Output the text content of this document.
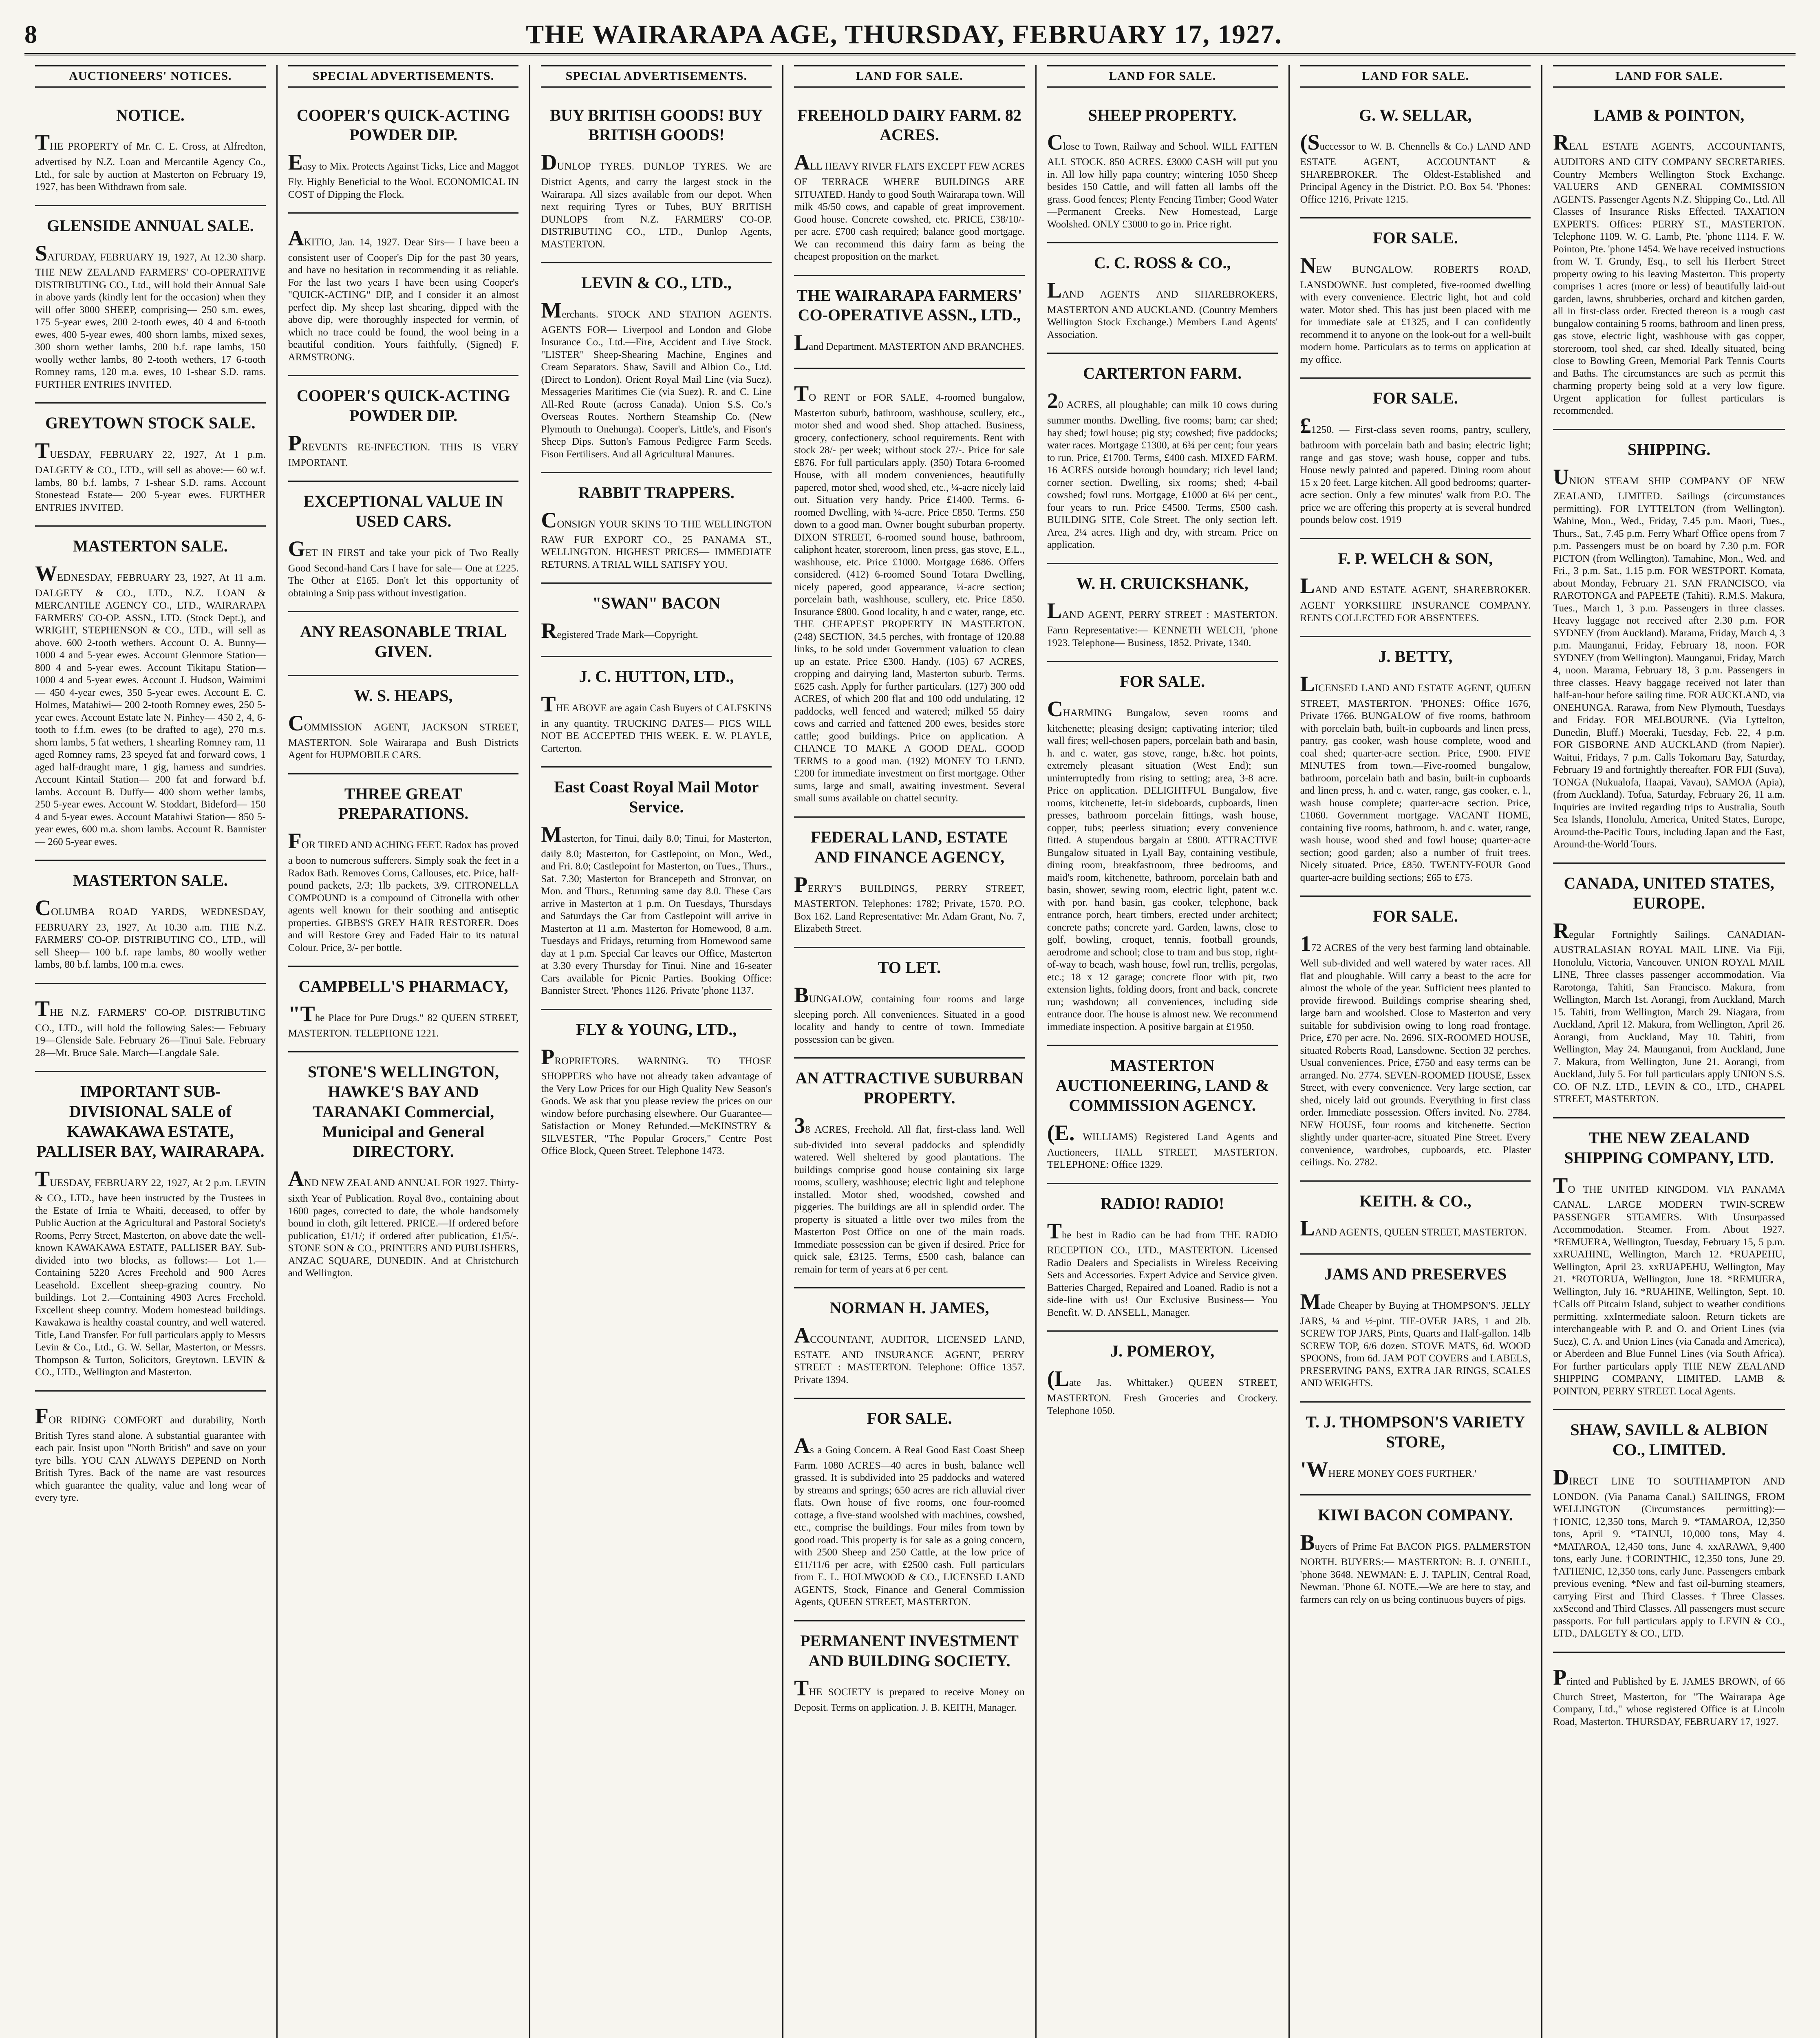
8	THE WAIRARAPA AGE, THURSDAY, FEBRUARY 17, 1927.
AUCTIONEERS' NOTICES.
NOTICE.
THE PROPERTY of Mr. C. E. Cross, at Alfredton, advertised by N.Z. Loan and Mercantile Agency Co., Ltd., for sale by auction at Masterton on February 19, 1927, has been Withdrawn from sale.
GLENSIDE ANNUAL SALE.
SATURDAY, FEBRUARY 19, 1927, At 12.30 sharp. THE NEW ZEALAND FARMERS' CO-OPERATIVE DISTRIBUTING CO., Ltd., will hold their Annual Sale in above yards (kindly lent for the occasion) when they will offer 3000 SHEEP, comprising— 250 s.m. ewes, 175 5-year ewes, 200 2-tooth ewes, 40 4 and 6-tooth ewes, 400 5-year ewes, 400 shorn lambs, mixed sexes, 300 shorn wether lambs, 200 b.f. rape lambs, 150 woolly wether lambs, 80 2-tooth wethers, 17 6-tooth Romney rams, 120 m.a. ewes, 10 1-shear S.D. rams. FURTHER ENTRIES INVITED.
GREYTOWN STOCK SALE.
TUESDAY, FEBRUARY 22, 1927, At 1 p.m. DALGETY & CO., LTD., will sell as above:— 60 w.f. lambs, 80 b.f. lambs, 7 1-shear S.D. rams. Account Stonestead Estate— 200 5-year ewes. FURTHER ENTRIES INVITED.
MASTERTON SALE.
WEDNESDAY, FEBRUARY 23, 1927, At 11 a.m. DALGETY & CO., LTD., N.Z. LOAN & MERCANTILE AGENCY CO., LTD., WAIRARAPA FARMERS' CO-OP. ASSN., LTD. (Stock Dept.), and WRIGHT, STEPHENSON & CO., LTD., will sell as above. 600 2-tooth wethers. Account O. A. Bunny— 1000 4 and 5-year ewes. Account Glenmore Station— 800 4 and 5-year ewes. Account Tikitapu Station— 1000 4 and 5-year ewes. Account J. Hudson, Waimimi— 450 4-year ewes, 350 5-year ewes. Account E. C. Holmes, Matahiwi— 200 2-tooth Romney ewes, 250 5-year ewes. Account Estate late N. Pinhey— 450 2, 4, 6-tooth to f.f.m. ewes (to be drafted to age), 270 m.s. shorn lambs, 5 fat wethers, 1 shearling Romney ram, 11 aged Romney rams, 23 speyed fat and forward cows, 1 aged half-draught mare, 1 gig, harness and sundries. Account Kintail Station— 200 fat and forward b.f. lambs. Account B. Duffy— 400 shorn wether lambs, 250 5-year ewes. Account W. Stoddart, Bideford— 150 4 and 5-year ewes. Account Matahiwi Station— 850 5-year ewes, 600 m.a. shorn lambs. Account R. Bannister— 260 5-year ewes.
MASTERTON SALE.
COLUMBA ROAD YARDS, WEDNESDAY, FEBRUARY 23, 1927, At 10.30 a.m. THE N.Z. FARMERS' CO-OP. DISTRIBUTING CO., LTD., will sell Sheep— 100 b.f. rape lambs, 80 woolly wether lambs, 80 b.f. lambs, 100 m.a. ewes.
THE N.Z. FARMERS' CO-OP. DISTRIBUTING CO., LTD., will hold the following Sales:— February 19—Glenside Sale. February 26—Tinui Sale. February 28—Mt. Bruce Sale. March—Langdale Sale.
IMPORTANT SUB-DIVISIONAL SALE of KAWAKAWA ESTATE, PALLISER BAY, WAIRARAPA.
TUESDAY, FEBRUARY 22, 1927, At 2 p.m. LEVIN & CO., LTD., have been instructed by the Trustees in the Estate of Irnia te Whaiti, deceased, to offer by Public Auction at the Agricultural and Pastoral Society's Rooms, Perry Street, Masterton, on above date the well-known KAWAKAWA ESTATE, PALLISER BAY. Sub-divided into two blocks, as follows:— Lot 1.—Containing 5220 Acres Freehold and 900 Acres Leasehold. Excellent sheep-grazing country. No buildings. Lot 2.—Containing 4903 Acres Freehold. Excellent sheep country. Modern homestead buildings. Kawakawa is healthy coastal country, and well watered. Title, Land Transfer. For full particulars apply to Messrs Levin & Co., Ltd., G. W. Sellar, Masterton, or Messrs. Thompson & Turton, Solicitors, Greytown. LEVIN & CO., LTD., Wellington and Masterton.
FOR RIDING COMFORT and durability, North British Tyres stand alone. A substantial guarantee with each pair. Insist upon "North British" and save on your tyre bills. YOU CAN ALWAYS DEPEND on North British Tyres. Back of the name are vast resources which guarantee the quality, value and long wear of every tyre.
SPECIAL ADVERTISEMENTS.
COOPER'S QUICK-ACTING POWDER DIP.
Easy to Mix. Protects Against Ticks, Lice and Maggot Fly. Highly Beneficial to the Wool. ECONOMICAL IN COST of Dipping the Flock.
AKITIO, Jan. 14, 1927. Dear Sirs— I have been a consistent user of Cooper's Dip for the past 30 years, and have no hesitation in recommending it as reliable. For the last two years I have been using Cooper's "QUICK-ACTING" DIP, and I consider it an almost perfect dip. My sheep last shearing, dipped with the above dip, were thoroughly inspected for vermin, of which no trace could be found, the wool being in a beautiful condition. Yours faithfully, (Signed) F. ARMSTRONG.
COOPER'S QUICK-ACTING POWDER DIP.
PREVENTS RE-INFECTION. THIS IS VERY IMPORTANT.
EXCEPTIONAL VALUE IN USED CARS.
GET IN FIRST and take your pick of Two Really Good Second-hand Cars I have for sale— One at £225. The Other at £165. Don't let this opportunity of obtaining a Snip pass without investigation.
ANY REASONABLE TRIAL GIVEN.
W. S. HEAPS,
COMMISSION AGENT, JACKSON STREET, MASTERTON. Sole Wairarapa and Bush Districts Agent for HUPMOBILE CARS.
THREE GREAT PREPARATIONS.
FOR TIRED AND ACHING FEET. Radox has proved a boon to numerous sufferers. Simply soak the feet in a Radox Bath. Removes Corns, Callouses, etc. Price, half-pound packets, 2/3; 1lb packets, 3/9. CITRONELLA COMPOUND is a compound of Citronella with other agents well known for their soothing and antiseptic properties. GIBBS'S GREY HAIR RESTORER. Does and will Restore Grey and Faded Hair to its natural Colour. Price, 3/- per bottle.
CAMPBELL'S PHARMACY,
"The Place for Pure Drugs." 82 QUEEN STREET, MASTERTON. TELEPHONE 1221.
STONE'S WELLINGTON, HAWKE'S BAY AND TARANAKI Commercial, Municipal and General DIRECTORY.
AND NEW ZEALAND ANNUAL FOR 1927. Thirty-sixth Year of Publication. Royal 8vo., containing about 1600 pages, corrected to date, the whole handsomely bound in cloth, gilt lettered. PRICE.—If ordered before publication, £1/1/; if ordered after publication, £1/5/-. STONE SON & CO., PRINTERS AND PUBLISHERS, ANZAC SQUARE, DUNEDIN. And at Christchurch and Wellington.
SPECIAL ADVERTISEMENTS.
BUY BRITISH GOODS! BUY BRITISH GOODS!
DUNLOP TYRES. DUNLOP TYRES. We are District Agents, and carry the largest stock in the Wairarapa. All sizes available from our depot. When next requiring Tyres or Tubes, BUY BRITISH DUNLOPS from N.Z. FARMERS' CO-OP. DISTRIBUTING CO., LTD., Dunlop Agents, MASTERTON.
LEVIN & CO., LTD.,
Merchants. STOCK AND STATION AGENTS. AGENTS FOR— Liverpool and London and Globe Insurance Co., Ltd.—Fire, Accident and Live Stock. "LISTER" Sheep-Shearing Machine, Engines and Cream Separators. Shaw, Savill and Albion Co., Ltd. (Direct to London). Orient Royal Mail Line (via Suez). Messageries Maritimes Cie (via Suez). R. and C. Line All-Red Route (across Canada). Union S.S. Co.'s Overseas Routes. Northern Steamship Co. (New Plymouth to Onehunga). Cooper's, Little's, and Fison's Sheep Dips. Sutton's Famous Pedigree Farm Seeds. Fison Fertilisers. And all Agricultural Manures.
RABBIT TRAPPERS.
CONSIGN YOUR SKINS TO THE WELLINGTON RAW FUR EXPORT CO., 25 PANAMA ST., WELLINGTON. HIGHEST PRICES— IMMEDIATE RETURNS. A TRIAL WILL SATISFY YOU.
"SWAN" BACON
Registered Trade Mark—Copyright.
J. C. HUTTON, LTD.,
THE ABOVE are again Cash Buyers of CALFSKINS in any quantity. TRUCKING DATES— PIGS WILL NOT BE ACCEPTED THIS WEEK. E. W. PLAYLE, Carterton.
East Coast Royal Mail Motor Service.
Masterton, for Tinui, daily 8.0; Tinui, for Masterton, daily 8.0; Masterton, for Castlepoint, on Mon., Wed., and Fri. 8.0; Castlepoint for Masterton, on Tues., Thurs., Sat. 7.30; Masterton for Brancepeth and Stronvar, on Mon. and Thurs., Returning same day 8.0. These Cars arrive in Masterton at 1 p.m. On Tuesdays, Thursdays and Saturdays the Car from Castlepoint will arrive in Masterton at 11 a.m. Masterton for Homewood, 8 a.m. Tuesdays and Fridays, returning from Homewood same day at 1 p.m. Special Car leaves our Office, Masterton at 3.30 every Thursday for Tinui. Nine and 16-seater Cars available for Picnic Parties. Booking Office: Bannister Street. 'Phones 1126. Private 'phone 1137.
FLY & YOUNG, LTD.,
PROPRIETORS. WARNING. TO THOSE SHOPPERS who have not already taken advantage of the Very Low Prices for our High Quality New Season's Goods. We ask that you please review the prices on our window before purchasing elsewhere. Our Guarantee—Satisfaction or Money Refunded.—McKINSTRY & SILVESTER, "The Popular Grocers," Centre Post Office Block, Queen Street. Telephone 1473.
LAND FOR SALE.
FREEHOLD DAIRY FARM. 82 ACRES.
ALL HEAVY RIVER FLATS EXCEPT FEW ACRES OF TERRACE WHERE BUILDINGS ARE SITUATED. Handy to good South Wairarapa town. Will milk 45/50 cows, and capable of great improvement. Good house. Concrete cowshed, etc. PRICE, £38/10/- per acre. £700 cash required; balance good mortgage. We can recommend this dairy farm as being the cheapest proposition on the market.
THE WAIRARAPA FARMERS' CO-OPERATIVE ASSN., LTD.,
Land Department. MASTERTON AND BRANCHES.
TO RENT or FOR SALE, 4-roomed bungalow, Masterton suburb, bathroom, washhouse, scullery, etc., motor shed and wood shed. Shop attached. Business, grocery, confectionery, school requirements. Rent with stock 28/- per week; without stock 27/-. Price for sale £876. For full particulars apply. (350) Totara 6-roomed House, with all modern conveniences, beautifully papered, motor shed, wood shed, etc., ¼-acre nicely laid out. Situation very handy. Price £1400. Terms. 6-roomed Dwelling, with ¼-acre. Price £850. Terms. £50 down to a good man. Owner bought suburban property. DIXON STREET, 6-roomed sound house, bathroom, caliphont heater, storeroom, linen press, gas stove, E.L., washhouse, etc. Price £1000. Mortgage £686. Offers considered. (412) 6-roomed Sound Totara Dwelling, nicely papered, good appearance, ¼-acre section; porcelain bath, washhouse, scullery, etc. Price £850. Insurance £800. Good locality, h and c water, range, etc. THE CHEAPEST PROPERTY IN MASTERTON. (248) SECTION, 34.5 perches, with frontage of 120.88 links, to be sold under Government valuation to clean up an estate. Price £300. Handy. (105) 67 ACRES, cropping and dairying land, Masterton suburb. Terms. £625 cash. Apply for further particulars. (127) 300 odd ACRES, of which 200 flat and 100 odd undulating, 12 paddocks, well fenced and watered; milked 55 dairy cows and carried and fattened 200 ewes, besides store cattle; good buildings. Price on application. A CHANCE TO MAKE A GOOD DEAL. GOOD TERMS to a good man. (192) MONEY TO LEND. £200 for immediate investment on first mortgage. Other sums, large and small, awaiting investment. Several small sums available on chattel security.
FEDERAL LAND, ESTATE AND FINANCE AGENCY,
PERRY'S BUILDINGS, PERRY STREET, MASTERTON. Telephones: 1782; Private, 1570. P.O. Box 162. Land Representative: Mr. Adam Grant, No. 7, Elizabeth Street.
TO LET.
BUNGALOW, containing four rooms and large sleeping porch. All conveniences. Situated in a good locality and handy to centre of town. Immediate possession can be given.
AN ATTRACTIVE SUBURBAN PROPERTY.
38 ACRES, Freehold. All flat, first-class land. Well sub-divided into several paddocks and splendidly watered. Well sheltered by good plantations. The buildings comprise good house containing six large rooms, scullery, washhouse; electric light and telephone installed. Motor shed, woodshed, cowshed and piggeries. The buildings are all in splendid order. The property is situated a little over two miles from the Masterton Post Office on one of the main roads. Immediate possession can be given if desired. Price for quick sale, £3125. Terms, £500 cash, balance can remain for term of years at 6 per cent.
NORMAN H. JAMES,
ACCOUNTANT, AUDITOR, LICENSED LAND, ESTATE AND INSURANCE AGENT, PERRY STREET : MASTERTON. Telephone: Office 1357. Private 1394.
FOR SALE.
As a Going Concern. A Real Good East Coast Sheep Farm. 1080 ACRES—40 acres in bush, balance well grassed. It is subdivided into 25 paddocks and watered by streams and springs; 650 acres are rich alluvial river flats. Own house of five rooms, one four-roomed cottage, a five-stand woolshed with machines, cowshed, etc., comprise the buildings. Four miles from town by good road. This property is for sale as a going concern, with 2500 Sheep and 250 Cattle, at the low price of £11/11/6 per acre, with £2500 cash. Full particulars from E. L. HOLMWOOD & CO., LICENSED LAND AGENTS, Stock, Finance and General Commission Agents, QUEEN STREET, MASTERTON.
PERMANENT INVESTMENT AND BUILDING SOCIETY.
THE SOCIETY is prepared to receive Money on Deposit. Terms on application. J. B. KEITH, Manager.
LAND FOR SALE.
SHEEP PROPERTY.
Close to Town, Railway and School. WILL FATTEN ALL STOCK. 850 ACRES. £3000 CASH will put you in. All low hilly papa country; wintering 1050 Sheep besides 150 Cattle, and will fatten all lambs off the grass. Good fences; Plenty Fencing Timber; Good Water—Permanent Creeks. New Homestead, Large Woolshed. ONLY £3000 to go in. Price right.
C. C. ROSS & CO.,
LAND AGENTS AND SHAREBROKERS, MASTERTON AND AUCKLAND. (Country Members Wellington Stock Exchange.) Members Land Agents' Association.
CARTERTON FARM.
20 ACRES, all ploughable; can milk 10 cows during summer months. Dwelling, five rooms; barn; car shed; hay shed; fowl house; pig sty; cowshed; five paddocks; water races. Mortgage £1300, at 6¾ per cent; four years to run. Price, £1700. Terms, £400 cash. MIXED FARM. 16 ACRES outside borough boundary; rich level land; corner section. Dwelling, six rooms; shed; 4-bail cowshed; fowl runs. Mortgage, £1000 at 6¼ per cent., four years to run. Price £4500. Terms, £500 cash. BUILDING SITE, Cole Street. The only section left. Area, 2¼ acres. High and dry, with stream. Price on application.
W. H. CRUICKSHANK,
LAND AGENT, PERRY STREET : MASTERTON. Farm Representative:— KENNETH WELCH, 'phone 1923. Telephone— Business, 1852. Private, 1340.
FOR SALE.
CHARMING Bungalow, seven rooms and kitchenette; pleasing design; captivating interior; tiled wall fires; well-chosen papers, porcelain bath and basin, h. and c. water, gas stove, range, h.&c. hot points, extremely pleasant situation (West End); sun uninterruptedly from rising to setting; area, 3-8 acre. Price on application. DELIGHTFUL Bungalow, five rooms, kitchenette, let-in sideboards, cupboards, linen presses, bathroom porcelain fittings, wash house, copper, tubs; peerless situation; every convenience fitted. A stupendous bargain at £800. ATTRACTIVE Bungalow situated in Lyall Bay, containing vestibule, dining room, breakfastroom, three bedrooms, and maid's room, kitchenette, bathroom, porcelain bath and basin, shower, sewing room, electric light, patent w.c. with por. hand basin, gas cooker, telephone, back entrance porch, heart timbers, erected under architect; concrete paths; concrete yard. Garden, lawns, close to golf, bowling, croquet, tennis, football grounds, aerodrome and school; close to tram and bus stop, right-of-way to beach, wash house, fowl run, trellis, pergolas, etc.; 18 x 12 garage; concrete floor with pit, two extension lights, folding doors, front and back, concrete run; washdown; all conveniences, including side entrance door. The house is almost new. We recommend immediate inspection. A positive bargain at £1950.
MASTERTON AUCTIONEERING, LAND & COMMISSION AGENCY.
(E. WILLIAMS) Registered Land Agents and Auctioneers, HALL STREET, MASTERTON. TELEPHONE: Office 1329.
RADIO! RADIO!
The best in Radio can be had from THE RADIO RECEPTION CO., LTD., MASTERTON. Licensed Radio Dealers and Specialists in Wireless Receiving Sets and Accessories. Expert Advice and Service given. Batteries Charged, Repaired and Loaned. Radio is not a side-line with us! Our Exclusive Business— You Benefit. W. D. ANSELL, Manager.
J. POMEROY,
(Late Jas. Whittaker.) QUEEN STREET, MASTERTON. Fresh Groceries and Crockery. Telephone 1050.
LAND FOR SALE.
G. W. SELLAR,
(Successor to W. B. Chennells & Co.) LAND AND ESTATE AGENT, ACCOUNTANT & SHAREBROKER. The Oldest-Established and Principal Agency in the District. P.O. Box 54. 'Phones: Office 1216, Private 1215.
FOR SALE.
NEW BUNGALOW. ROBERTS ROAD, LANSDOWNE. Just completed, five-roomed dwelling with every convenience. Electric light, hot and cold water. Motor shed. This has just been placed with me for immediate sale at £1325, and I can confidently recommend it to anyone on the look-out for a well-built modern home. Particulars as to terms on application at my office.
FOR SALE.
£1250. — First-class seven rooms, pantry, scullery, bathroom with porcelain bath and basin; electric light; range and gas stove; wash house, copper and tubs. House newly painted and papered. Dining room about 15 x 20 feet. Large kitchen. All good bedrooms; quarter-acre section. Only a few minutes' walk from P.O. The price we are offering this property at is several hundred pounds below cost. 1919
F. P. WELCH & SON,
LAND AND ESTATE AGENT, SHAREBROKER. AGENT YORKSHIRE INSURANCE COMPANY. RENTS COLLECTED FOR ABSENTEES.
J. BETTY,
LICENSED LAND AND ESTATE AGENT, QUEEN STREET, MASTERTON. 'PHONES: Office 1676, Private 1766. BUNGALOW of five rooms, bathroom with porcelain bath, built-in cupboards and linen press, pantry, gas cooker, wash house complete, wood and coal shed; quarter-acre section. Price, £900. FIVE MINUTES from town.—Five-roomed bungalow, bathroom, porcelain bath and basin, built-in cupboards and linen press, h. and c. water, range, gas cooker, e. l., wash house complete; quarter-acre section. Price, £1060. Government mortgage. VACANT HOME, containing five rooms, bathroom, h. and c. water, range, wash house, wood shed and fowl house; quarter-acre section; good garden; also a number of fruit trees. Nicely situated. Price, £850. TWENTY-FOUR Good quarter-acre building sections; £65 to £75.
FOR SALE.
172 ACRES of the very best farming land obtainable. Well sub-divided and well watered by water races. All flat and ploughable. Will carry a beast to the acre for almost the whole of the year. Sufficient trees planted to provide firewood. Buildings comprise shearing shed, large barn and woolshed. Close to Masterton and very suitable for subdivision owing to long road frontage. Price, £70 per acre. No. 2696. SIX-ROOMED HOUSE, situated Roberts Road, Lansdowne. Section 32 perches. Usual conveniences. Price, £750 and easy terms can be arranged. No. 2774. SEVEN-ROOMED HOUSE, Essex Street, with every convenience. Very large section, car shed, nicely laid out grounds. Everything in first class order. Immediate possession. Offers invited. No. 2784. NEW HOUSE, four rooms and kitchenette. Section slightly under quarter-acre, situated Pine Street. Every convenience, wardrobes, cupboards, etc. Plaster ceilings. No. 2782.
KEITH. & CO.,
LAND AGENTS, QUEEN STREET, MASTERTON.
JAMS AND PRESERVES
Made Cheaper by Buying at THOMPSON'S. JELLY JARS, ¼ and ½-pint. TIE-OVER JARS, 1 and 2lb. SCREW TOP JARS, Pints, Quarts and Half-gallon. 14lb SCREW TOP, 6/6 dozen. STOVE MATS, 6d. WOOD SPOONS, from 6d. JAM POT COVERS and LABELS, PRESERVING PANS, EXTRA JAR RINGS, SCALES AND WEIGHTS.
T. J. THOMPSON'S VARIETY STORE,
'WHERE MONEY GOES FURTHER.'
KIWI BACON COMPANY.
Buyers of Prime Fat BACON PIGS. PALMERSTON NORTH. BUYERS:— MASTERTON: B. J. O'NEILL, 'phone 3648. NEWMAN: E. J. TAPLIN, Central Road, Newman. 'Phone 6J. NOTE.—We are here to stay, and farmers can rely on us being continuous buyers of pigs.
LAND FOR SALE.
LAMB & POINTON,
REAL ESTATE AGENTS, ACCOUNTANTS, AUDITORS AND CITY COMPANY SECRETARIES. Country Members Wellington Stock Exchange. VALUERS AND GENERAL COMMISSION AGENTS. Passenger Agents N.Z. Shipping Co., Ltd. All Classes of Insurance Risks Effected. TAXATION EXPERTS. Offices: PERRY ST., MASTERTON. Telephone 1109. W. G. Lamb, Pte. 'phone 1114. F. W. Pointon, Pte. 'phone 1454. We have received instructions from W. T. Grundy, Esq., to sell his Herbert Street property owing to his leaving Masterton. This property comprises 1 acres (more or less) of beautifully laid-out garden, lawns, shrubberies, orchard and kitchen garden, all in first-class order. Erected thereon is a rough cast bungalow containing 5 rooms, bathroom and linen press, gas stove, electric light, washhouse with gas copper, storeroom, tool shed, car shed. Ideally situated, being close to Bowling Green, Memorial Park Tennis Courts and Baths. The circumstances are such as permit this charming property being sold at a very low figure. Urgent application for fullest particulars is recommended.
SHIPPING.
UNION STEAM SHIP COMPANY OF NEW ZEALAND, LIMITED. Sailings (circumstances permitting). FOR LYTTELTON (from Wellington). Wahine, Mon., Wed., Friday, 7.45 p.m. Maori, Tues., Thurs., Sat., 7.45 p.m. Ferry Wharf Office opens from 7 p.m. Passengers must be on board by 7.30 p.m. FOR PICTON (from Wellington). Tamahine, Mon., Wed. and Fri., 3 p.m. Sat., 1.15 p.m. FOR WESTPORT. Komata, about Monday, February 21. SAN FRANCISCO, via RAROTONGA and PAPEETE (Tahiti). R.M.S. Makura, Tues., March 1, 3 p.m. Passengers in three classes. Heavy luggage not received after 2.30 p.m. FOR SYDNEY (from Auckland). Marama, Friday, March 4, 3 p.m. Maunganui, Friday, February 18, noon. FOR SYDNEY (from Wellington). Maunganui, Friday, March 4, noon. Marama, February 18, 3 p.m. Passengers in three classes. Heavy baggage received not later than half-an-hour before sailing time. FOR AUCKLAND, via ONEHUNGA. Rarawa, from New Plymouth, Tuesdays and Friday. FOR MELBOURNE. (Via Lyttelton, Dunedin, Bluff.) Moeraki, Tuesday, Feb. 22, 4 p.m. FOR GISBORNE AND AUCKLAND (from Napier). Waitui, Fridays, 7 p.m. Calls Tokomaru Bay, Saturday, February 19 and fortnightly thereafter. FOR FIJI (Suva), TONGA (Nukualofa, Haapai, Vavau), SAMOA (Apia), (from Auckland). Tofua, Saturday, February 26, 11 a.m. Inquiries are invited regarding trips to Australia, South Sea Islands, Honolulu, America, United States, Europe, Around-the-Pacific Tours, including Japan and the East, Around-the-World Tours.
CANADA, UNITED STATES, EUROPE.
Regular Fortnightly Sailings. CANADIAN-AUSTRALASIAN ROYAL MAIL LINE. Via Fiji, Honolulu, Victoria, Vancouver. UNION ROYAL MAIL LINE, Three classes passenger accommodation. Via Rarotonga, Tahiti, San Francisco. Makura, from Wellington, March 1st. Aorangi, from Auckland, March 15. Tahiti, from Wellington, March 29. Niagara, from Auckland, April 12. Makura, from Wellington, April 26. Aorangi, from Auckland, May 10. Tahiti, from Wellington, May 24. Maunganui, from Auckland, June 7. Makura, from Wellington, June 21. Aorangi, from Auckland, July 5. For full particulars apply UNION S.S. CO. OF N.Z. LTD., LEVIN & CO., LTD., CHAPEL STREET, MASTERTON.
THE NEW ZEALAND SHIPPING COMPANY, LTD.
TO THE UNITED KINGDOM. VIA PANAMA CANAL. LARGE MODERN TWIN-SCREW PASSENGER STEAMERS. With Unsurpassed Accommodation. Steamer. From. About 1927. *REMUERA, Wellington, Tuesday, February 15, 5 p.m. xxRUAHINE, Wellington, March 12. *RUAPEHU, Wellington, April 23. xxRUAPEHU, Wellington, May 21. *ROTORUA, Wellington, June 18. *REMUERA, Wellington, July 16. *RUAHINE, Wellington, Sept. 10. †Calls off Pitcairn Island, subject to weather conditions permitting. xxIntermediate saloon. Return tickets are interchangeable with P. and O. and Orient Lines (via Suez), C. A. and Union Lines (via Canada and America), or Aberdeen and Blue Funnel Lines (via South Africa). For further particulars apply THE NEW ZEALAND SHIPPING COMPANY, LIMITED. LAMB & POINTON, PERRY STREET. Local Agents.
SHAW, SAVILL & ALBION CO., LIMITED.
DIRECT LINE TO SOUTHAMPTON AND LONDON. (Via Panama Canal.) SAILINGS, FROM WELLINGTON (Circumstances permitting):— †IONIC, 12,350 tons, March 9. *TAMAROA, 12,350 tons, April 9. *TAINUI, 10,000 tons, May 4. *MATAROA, 12,450 tons, June 4. xxARAWA, 9,400 tons, early June. †CORINTHIC, 12,350 tons, June 29. †ATHENIC, 12,350 tons, early June. Passengers embark previous evening. *New and fast oil-burning steamers, carrying First and Third Classes. †Three Classes. xxSecond and Third Classes. All passengers must secure passports. For full particulars apply to LEVIN & CO., LTD., DALGETY & CO., LTD.
Printed and Published by E. JAMES BROWN, of 66 Church Street, Masterton, for "The Wairarapa Age Company, Ltd.," whose registered Office is at Lincoln Road, Masterton. THURSDAY, FEBRUARY 17, 1927.
